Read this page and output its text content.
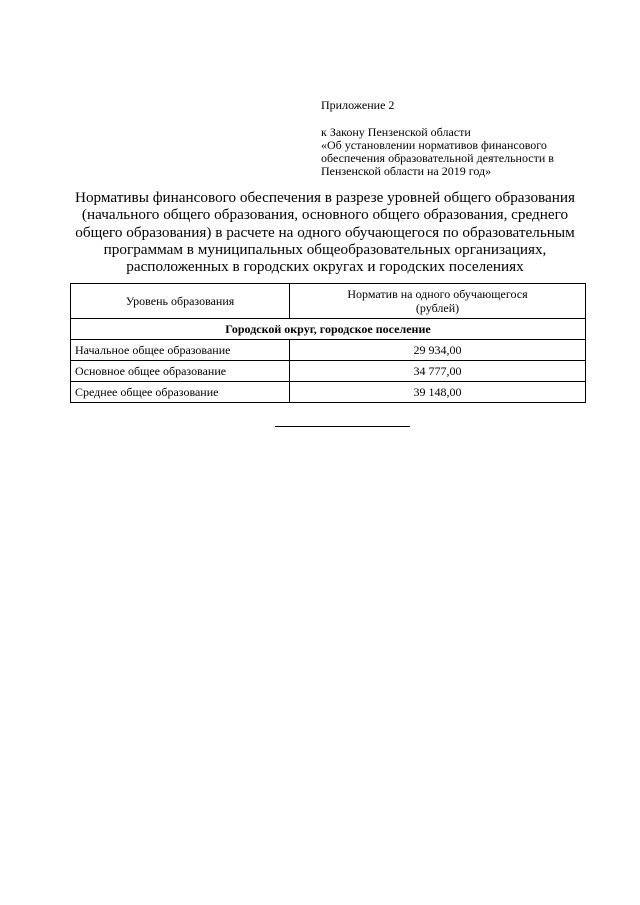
Приложение 2
к Закону Пензенской области
«Об установлении нормативов финансового
обеспечения образовательной деятельности в
Пензенской области на 2019 год»
Нормативы финансового обеспечения в разрезе уровней общего образования
(начального общего образования, основного общего образования, среднего
общего образования) в расчете на одного обучающегося по образовательным
программам в муниципальных общеобразовательных организациях,
расположенных в городских округах и городских поселениях
Уровень образования	Норматив на одного обучающегося
(рублей)

Городской округ, городское поселение	
Начальное общее образование	29 934,00
Основное общее образование	34 777,00
Среднее общее образование	39 148,00
